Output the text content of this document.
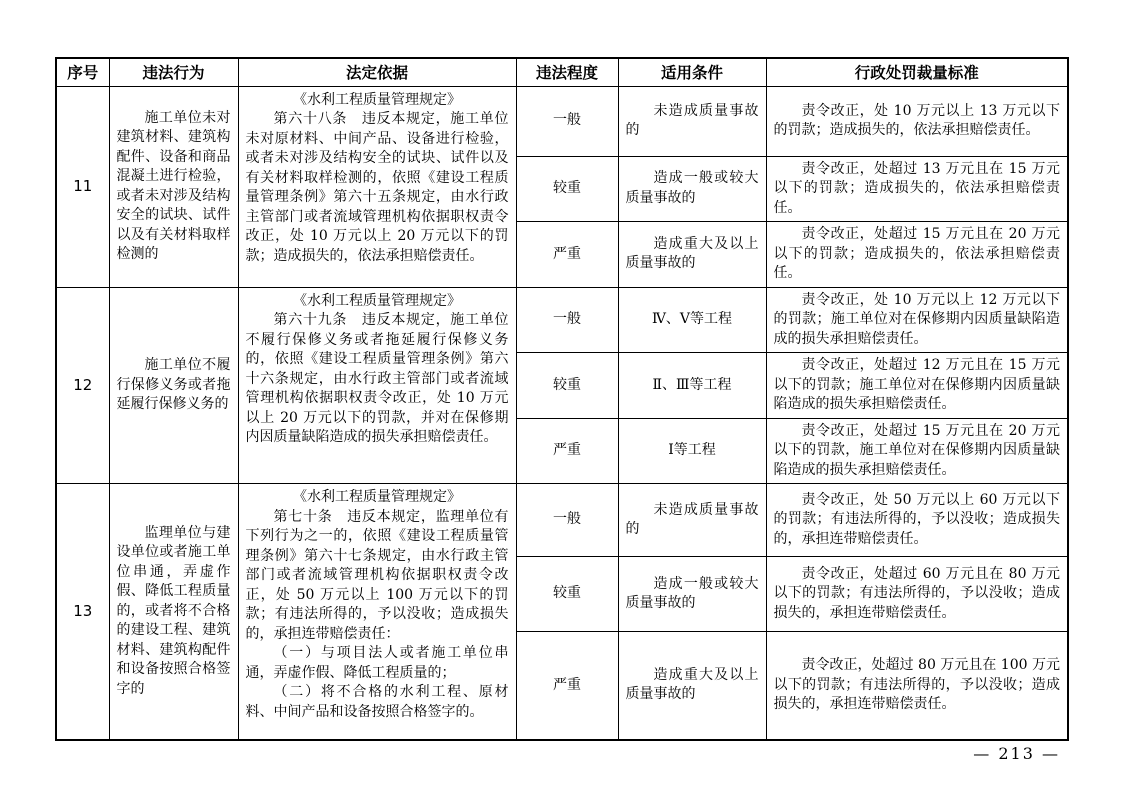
序号	违法行为	法定依据	违法程度	适用条件	行政处罚裁量标准
11	施工单位未对建筑材料、建筑构配件、设备和商品混凝土进行检验，或者未对涉及结构安全的试块、试件以及有关材料取样检测的	《水利工程质量管理规定》

第六十八条　违反本规定，施工单位未对原材料、中间产品、设备进行检验，或者未对涉及结构安全的试块、试件以及有关材料取样检测的，依照《建设工程质量管理条例》第六十五条规定，由水行政主管部门或者流域管理机构依据职权责令改正，处 10 万元以上 20 万元以下的罚款；造成损失的，依法承担赔偿责任。	一般	未造成质量事故的	责令改正，处 10 万元以上 13 万元以下的罚款；造成损失的，依法承担赔偿责任。

			较重	造成一般或较大质量事故的	责令改正，处超过 13 万元且在 15 万元以下的罚款；造成损失的，依法承担赔偿责任。

			严重	造成重大及以上质量事故的	责令改正，处超过 15 万元且在 20 万元以下的罚款；造成损失的，依法承担赔偿责任。

12	施工单位不履行保修义务或者拖延履行保修义务的	《水利工程质量管理规定》

第六十九条　违反本规定，施工单位不履行保修义务或者拖延履行保修义务的，依照《建设工程质量管理条例》第六十六条规定，由水行政主管部门或者流域管理机构依据职权责令改正，处 10 万元以上 20 万元以下的罚款，并对在保修期内因质量缺陷造成的损失承担赔偿责任。	一般	Ⅳ、Ⅴ等工程	责令改正，处 10 万元以上 12 万元以下的罚款；施工单位对在保修期内因质量缺陷造成的损失承担赔偿责任。

			较重	Ⅱ、Ⅲ等工程	责令改正，处超过 12 万元且在 15 万元以下的罚款；施工单位对在保修期内因质量缺陷造成的损失承担赔偿责任。

			严重	Ⅰ等工程	责令改正，处超过 15 万元且在 20 万元以下的罚款，施工单位对在保修期内因质量缺陷造成的损失承担赔偿责任。

13	监理单位与建设单位或者施工单位串通，弄虚作假、降低工程质量的，或者将不合格的建设工程、建筑材料、建筑构配件和设备按照合格签字的	《水利工程质量管理规定》

第七十条　违反本规定，监理单位有下列行为之一的，依照《建设工程质量管理条例》第六十七条规定，由水行政主管部门或者流域管理机构依据职权责令改正，处 50 万元以上 100 万元以下的罚款；有违法所得的，予以没收；造成损失的，承担连带赔偿责任：

（一）与项目法人或者施工单位串通，弄虚作假、降低工程质量的；

（二）将不合格的水利工程、原材料、中间产品和设备按照合格签字的。	一般	未造成质量事故的	责令改正，处 50 万元以上 60 万元以下的罚款；有违法所得的，予以没收；造成损失的，承担连带赔偿责任。

			较重	造成一般或较大质量事故的	责令改正，处超过 60 万元且在 80 万元以下的罚款；有违法所得的，予以没收；造成损失的，承担连带赔偿责任。

			严重	造成重大及以上质量事故的	责令改正，处超过 80 万元且在 100 万元以下的罚款；有违法所得的，予以没收；造成损失的，承担连带赔偿责任。
— 213 —
